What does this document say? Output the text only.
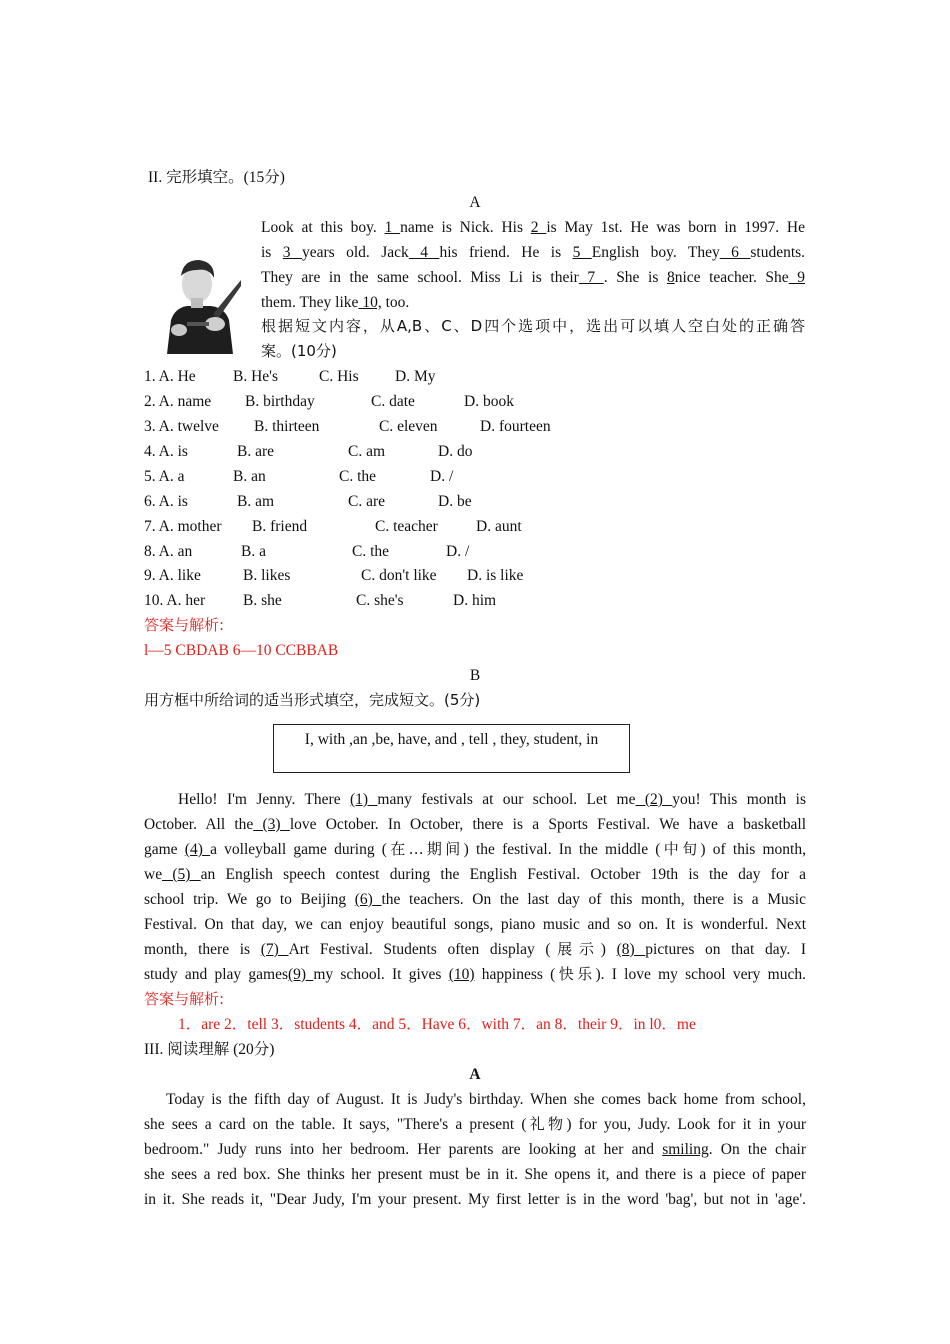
II. 完形填空。(15分)
A
Look at this boy. 1 name is Nick. His 2 is May 1st. He was born in 1997. He
is 3 years old. Jack 4 his friend. He is 5 English boy. They 6 students.
They are in the same school. Miss Li is their 7 . She is 8nice teacher. She 9
them. They like 10, too.
根据短文内容，从A,B、C、D四个选项中，选出可以填人空白处的正确答
案。(10分)
1. A. He B. He's	C. His D. My
2. A. name B. birthday	C. date	D. book
3. A. twelve B. thirteen	C. eleven	D. fourteen
4. A. is	B. are	C. am	D. do
5. A. a	B. an	C. the	D. /
6. A. is	B. am	C. are	D. be
7. A. mother B. friend	C. teacher D. aunt
8. A. an	B. a	C. the	D. /
9. A. like	B. likes	C. don't like D. is like
10. A. her B. she	C. she's	D. him
答案与解析:
l—5 CBDAB 6—10 CCBBAB
B
用方框中所给词的适当形式填空，完成短文。(5分)
I, with ,an ,be, have, and , tell , they, student, in
Hello! I'm Jenny. There (1) many festivals at our school. Let me (2) you! This month is
October. All the (3) love October. In October, there is a Sports Festival. We have a basketball
game (4) a volleyball game during (在…期间) the festival. In the middle (中旬) of this month,
we (5) an English speech contest during the English Festival. October 19th is the day for a
school trip. We go to Beijing (6) the teachers. On the last day of this month, there is a Music
Festival. On that day, we can enjoy beautiful songs, piano music and so on. It is wonderful. Next
month, there is (7) Art Festival. Students often display (展示) (8) pictures on that day. I
study and play games(9) my school. It gives (10) happiness (快乐). I love my school very much.
答案与解析:
1．are 2．tell 3．students 4．and 5．Have 6．with 7．an 8．their 9．in l0．me
III. 阅读理解 (20分)
A
Today is the fifth day of August. It is Judy's birthday. When she comes back home from school,
she sees a card on the table. It says, "There's a present (礼物) for you, Judy. Look for it in your
bedroom." Judy runs into her bedroom. Her parents are looking at her and smiling. On the chair
she sees a red box. She thinks her present must be in it. She opens it, and there is a piece of paper
in it. She reads it, "Dear Judy, I'm your present. My first letter is in the word 'bag', but not in 'age'.
